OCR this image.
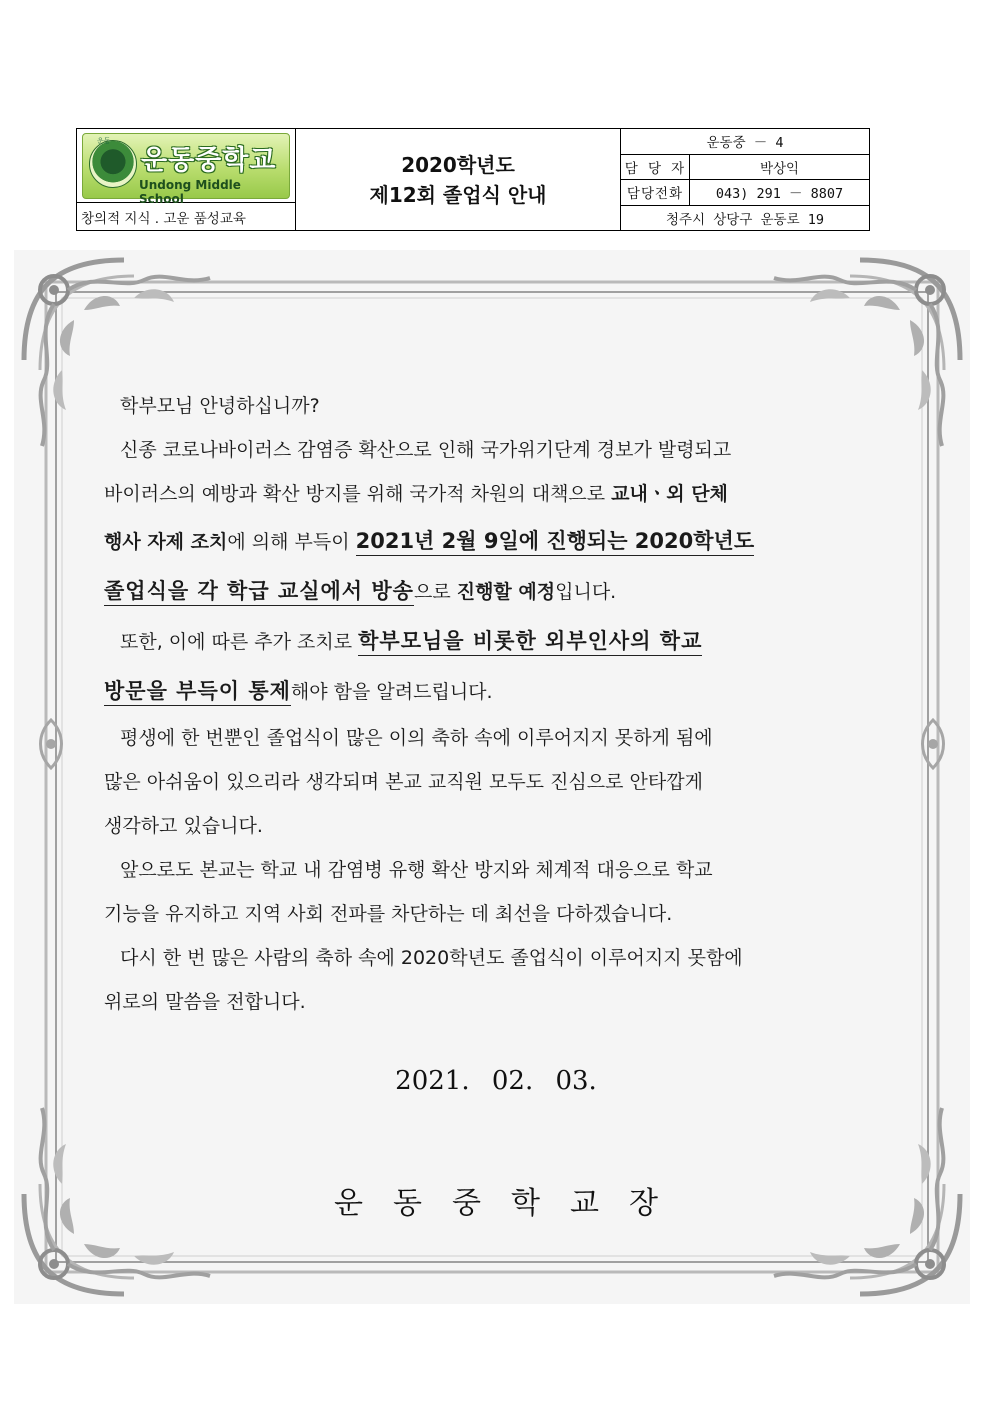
운동
운동중학교
Undong Middle School
창의적 지식 . 고운 품성교육
2020학년도
제12회 졸업식 안내
운동중 － 4
담 당 자	박상익
담당전화	043) 291 － 8807
청주시 상당구 운동로 19
학부모님 안녕하십니까?
신종 코로나바이러스 감염증 확산으로 인해 국가위기단계 경보가 발령되고
바이러스의 예방과 확산 방지를 위해 국가적 차원의 대책으로 교내ㆍ외 단체
행사 자제 조치에 의해 부득이 2021년 2월 9일에 진행되는 2020학년도
졸업식을 각 학급 교실에서 방송으로 진행할 예정입니다.
또한, 이에 따른 추가 조치로 학부모님을 비롯한 외부인사의 학교
방문을 부득이 통제해야 함을 알려드립니다.
평생에 한 번뿐인 졸업식이 많은 이의 축하 속에 이루어지지 못하게 됨에
많은 아쉬움이 있으리라 생각되며 본교 교직원 모두도 진심으로 안타깝게
생각하고 있습니다.
앞으로도 본교는 학교 내 감염병 유행 확산 방지와 체계적 대응으로 학교
기능을 유지하고 지역 사회 전파를 차단하는 데 최선을 다하겠습니다.
다시 한 번 많은 사람의 축하 속에 2020학년도 졸업식이 이루어지지 못함에
위로의 말씀을 전합니다.
2021. 02. 03.
운동중학교장
